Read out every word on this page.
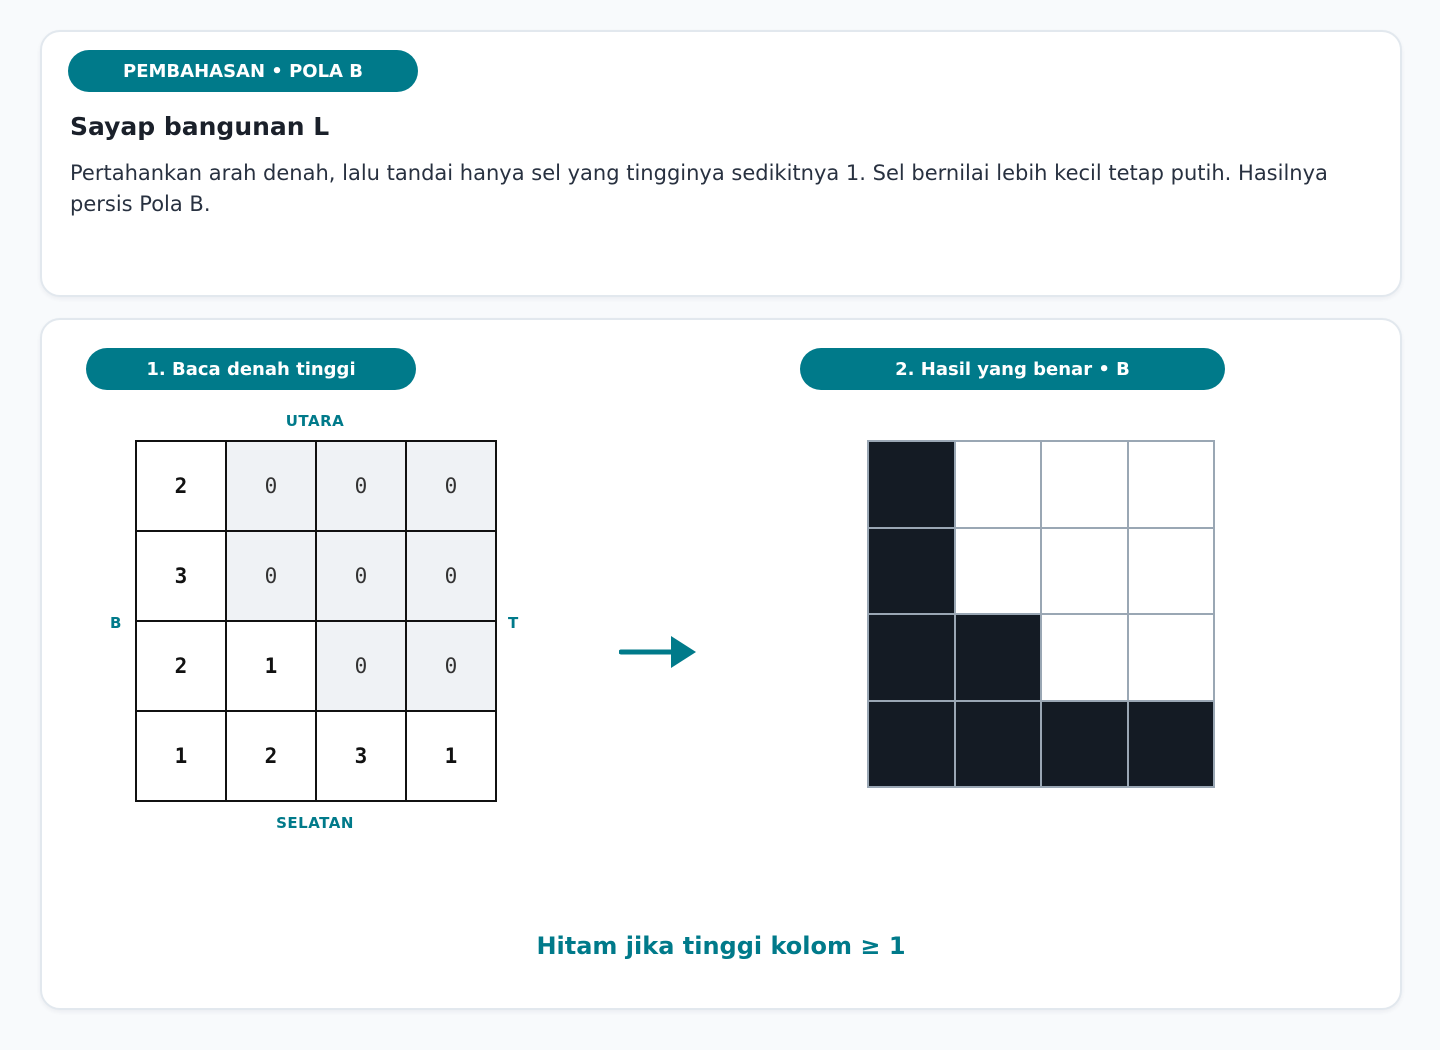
PEMBAHASAN • POLA B
Sayap bangunan L
Pertahankan arah denah, lalu tandai hanya sel yang tingginya sedikitnya 1. Sel bernilai lebih kecil tetap putih. Hasilnya persis Pola B.
1. Baca denah tinggi	2. Hasil yang benar • B
UTARA
SELATAN
B	T
2	0	0	0
3	0	0	0
2	1	0	0
1	2	3	1
Hitam jika tinggi kolom ≥ 1
